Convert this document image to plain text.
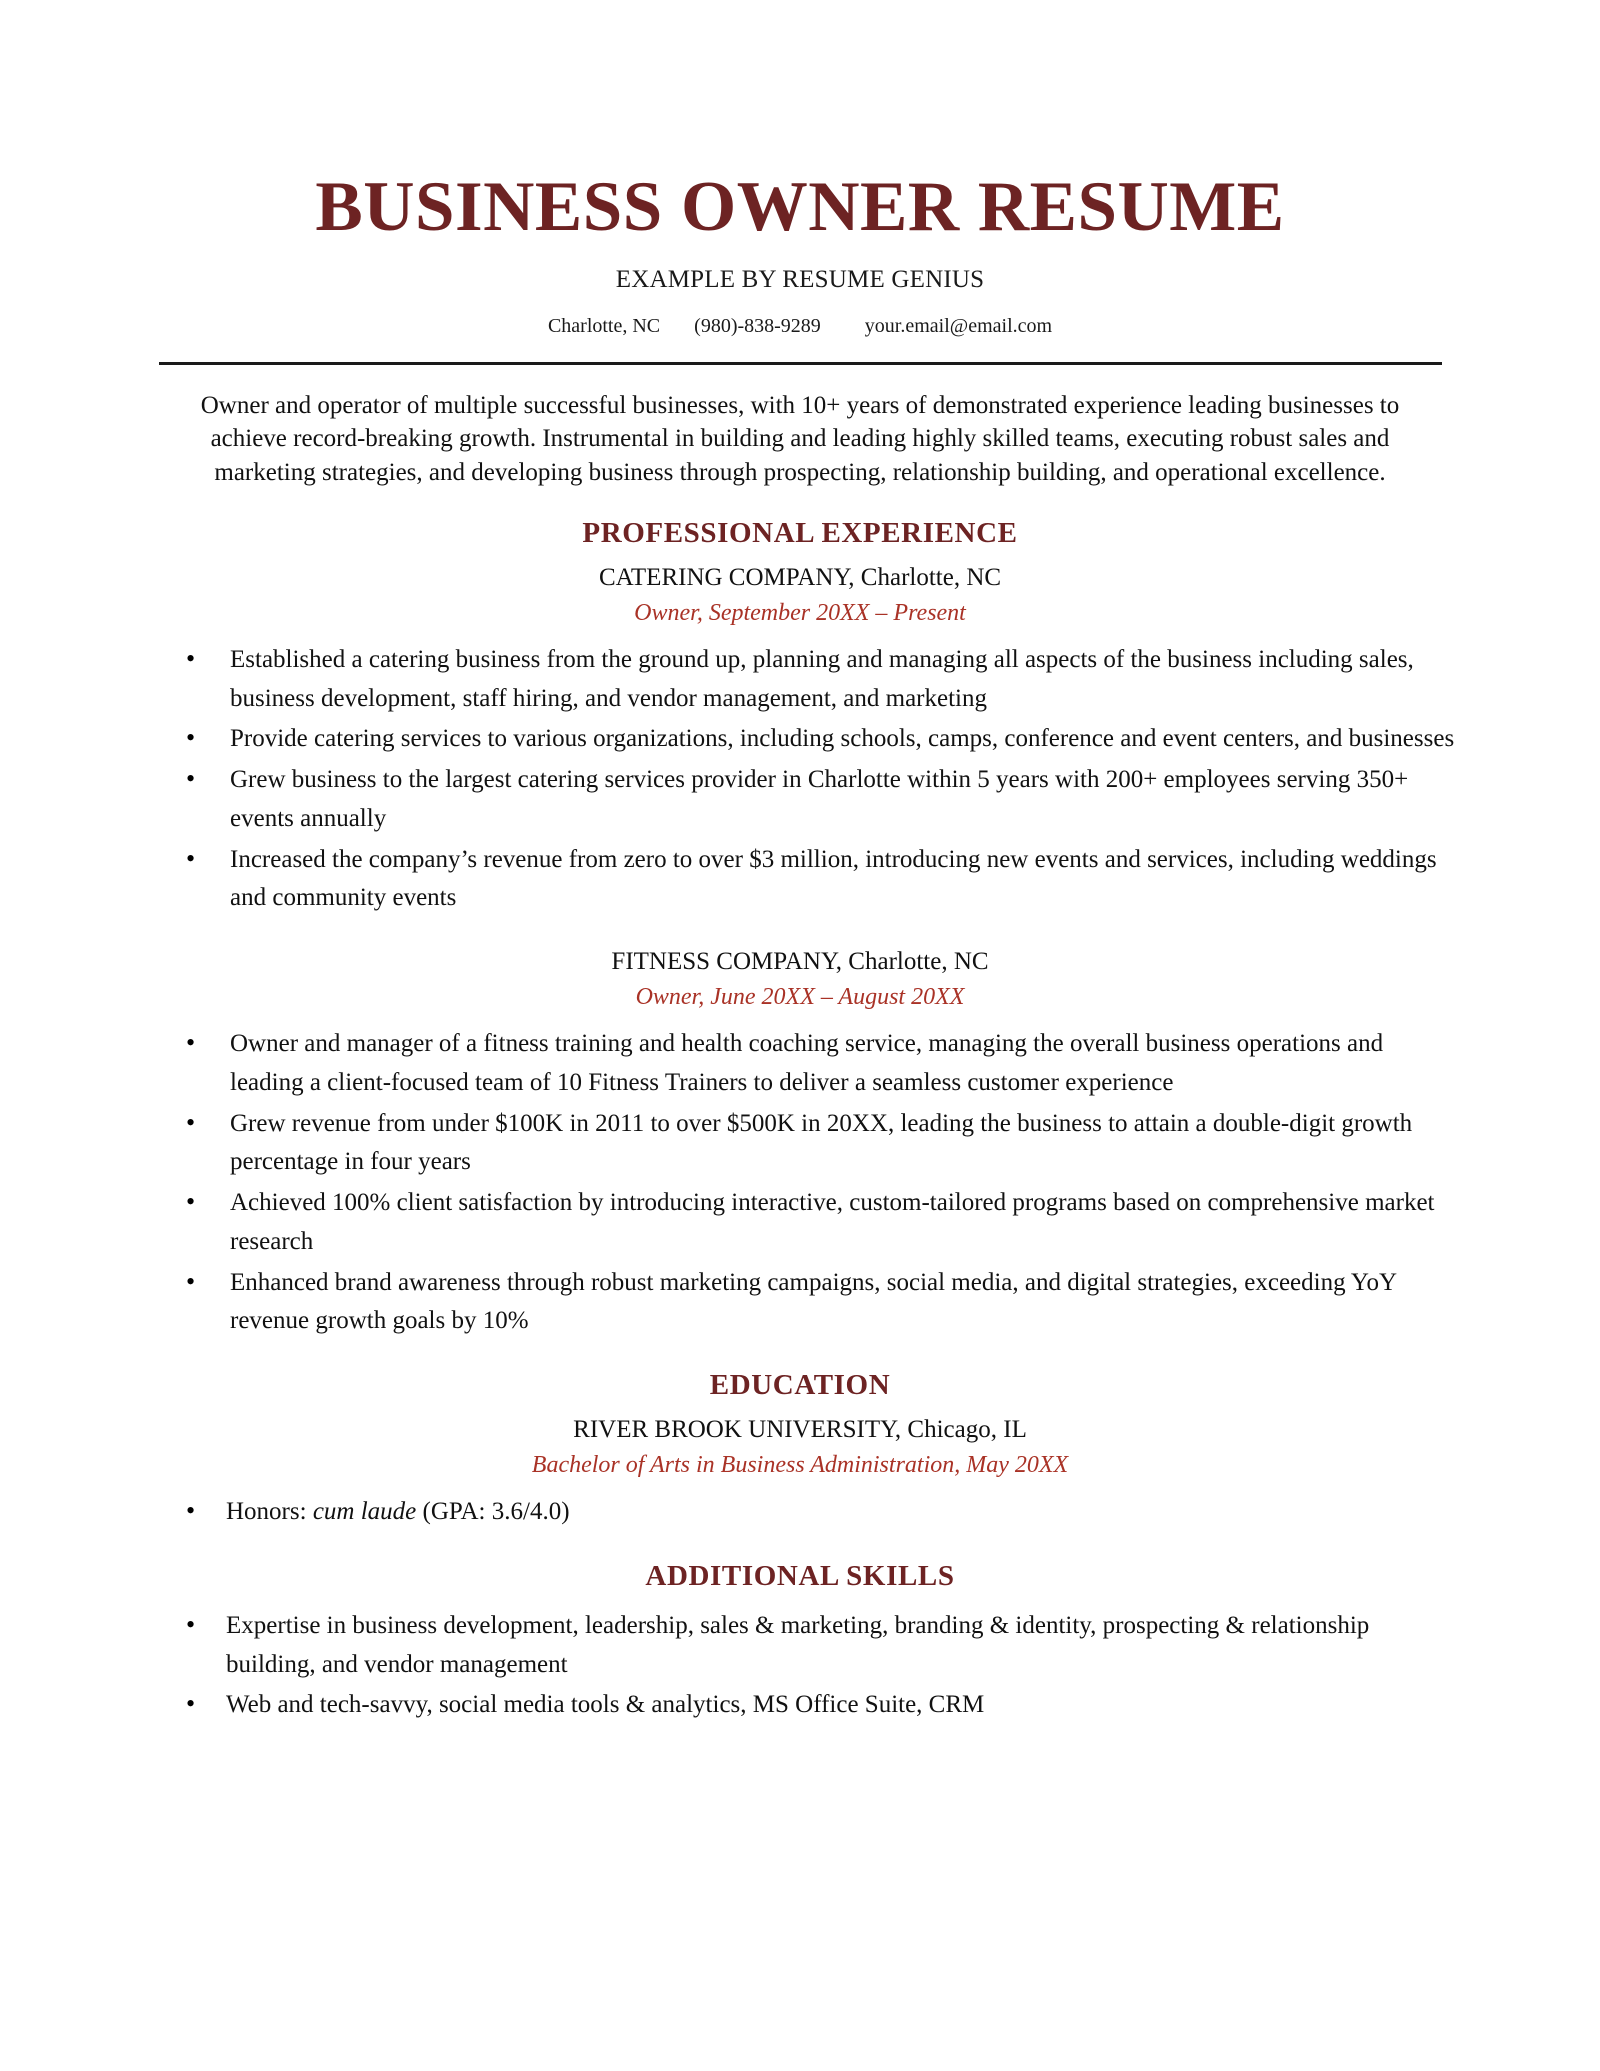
BUSINESS OWNER RESUME
EXAMPLE BY RESUME GENIUS
Charlotte, NC (980)-838-9289 your.email@email.com
Owner and operator of multiple successful businesses, with 10+ years of demonstrated experience leading businesses to achieve record-breaking growth. Instrumental in building and leading highly skilled teams, executing robust sales and marketing strategies, and developing business through prospecting, relationship building, and operational excellence.
PROFESSIONAL EXPERIENCE
CATERING COMPANY, Charlotte, NC
Owner, September 20XX – Present
• Established a catering business from the ground up, planning and managing all aspects of the business including sales, business development, staff hiring, and vendor management, and marketing
• Provide catering services to various organizations, including schools, camps, conference and event centers, and businesses
• Grew business to the largest catering services provider in Charlotte within 5 years with 200+ employees serving 350+ events annually
• Increased the company’s revenue from zero to over $3 million, introducing new events and services, including weddings and community events
FITNESS COMPANY, Charlotte, NC
Owner, June 20XX – August 20XX
• Owner and manager of a fitness training and health coaching service, managing the overall business operations and leading a client-focused team of 10 Fitness Trainers to deliver a seamless customer experience
• Grew revenue from under $100K in 2011 to over $500K in 20XX, leading the business to attain a double-digit growth percentage in four years
• Achieved 100% client satisfaction by introducing interactive, custom-tailored programs based on comprehensive market research
• Enhanced brand awareness through robust marketing campaigns, social media, and digital strategies, exceeding YoY revenue growth goals by 10%
EDUCATION
RIVER BROOK UNIVERSITY, Chicago, IL
Bachelor of Arts in Business Administration, May 20XX
• Honors: cum laude (GPA: 3.6/4.0)
ADDITIONAL SKILLS
• Expertise in business development, leadership, sales & marketing, branding & identity, prospecting & relationship building, and vendor management
• Web and tech-savvy, social media tools & analytics, MS Office Suite, CRM
